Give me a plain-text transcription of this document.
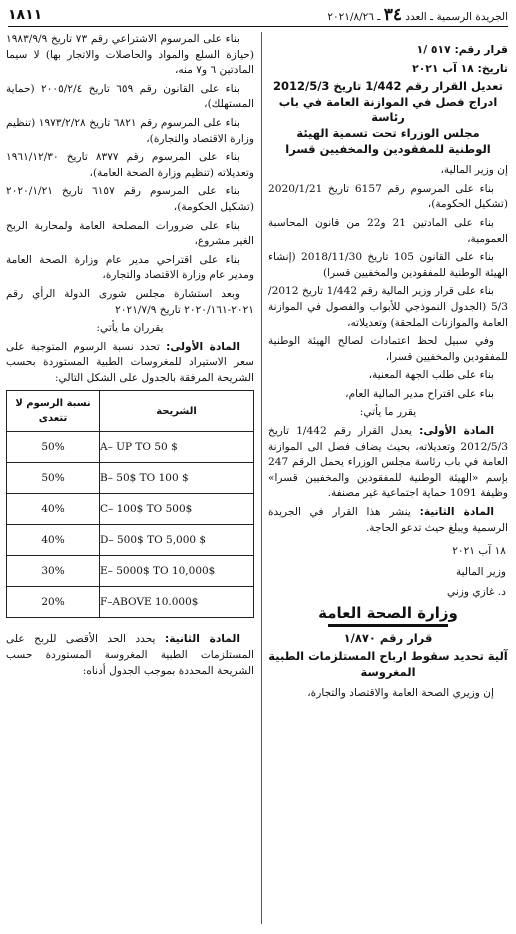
الجريدة الرسمية ـ العدد ٣٤ ـ ٢٠٢١/٨/٢٦
١٨١١

قرار رقم: ٥١٧ /١

تاريخ: ١٨ آب ٢٠٢١

تعديل القرار رقم 1/442 تاريخ 2012/5/3
ادراج فصل في الموازنة العامة في باب رئاسة
مجلس الوزراء تحت تسمية الهيئة
الوطنية للمفقودين والمخفيين قسرا

إن وزير المالية،

بناء على المرسوم رقم 6157 تاريخ 2020/1/21 (تشكيل الحكومة)،

بناء على المادتين 21 و22 من قانون المحاسبة العمومية،

بناء على القانون 105 تاريخ 2018/11/30 (إنشاء الهيئة الوطنية للمفقودين والمخفيين قسرا)

بناء على قرار وزير المالية رقم 1/442 تاريخ 2012/ 5/3 (الجدول النموذجي للأبواب والفصول في الموازنة العامة والموازنات الملحقة) وتعديلاته،

وفي سبيل لحظ اعتمادات لصالح الهيئة الوطنية للمفقودين والمخفيين قسرا،

بناء على طلب الجهة المعنية،

بناء على اقتراح مدير المالية العام،

يقرر ما يأتي:

المادة الأولى: يعدل القرار رقم 1/442 تاريخ 2012/5/3 وتعديلاته، بحيث يضاف فصل الى الموازنة العامة في باب رئاسة مجلس الوزراء يحمل الرقم 247 بإسم «الهيئة الوطنية للمفقودين والمخفيين قسرا» وظيفة 1091 حماية اجتماعية غير مصنفة.

المادة الثانية: ينشر هذا القرار في الجريدة الرسمية ويبلغ حيث تدعو الحاجة.

١٨ آب ٢٠٢١

وزير المالية

د. غازي وزني

وزارة الصحة العامة

قرار رقم ١/٨٧٠

آلية تحديد سقوط ارباح المستلزمات الطبية
المغروسة

إن وزيري الصحة العامة والاقتصاد والتجارة،

بناء على المرسوم الاشتراعي رقم ٧٣ تاريخ ١٩٨٣/٩/٩ (حيازة السلع والمواد والحاصلات والاتجار بها) لا سيما المادتين ٦ و٧ منه،

بناء على القانون رقم ٦٥٩ تاريخ ٢٠٠٥/٢/٤ (حماية المستهلك)،

بناء على المرسوم رقم ٦٨٢١ تاريخ ١٩٧٣/٢/٢٨ (تنظيم وزارة الاقتصاد والتجارة)،

بناء على المرسوم رقم ٨٣٧٧ تاريخ ١٩٦١/١٢/٣٠ وتعديلاته (تنظيم وزارة الصحة العامة)،

بناء على المرسوم رقم ٦١٥٧ تاريخ ٢٠٢٠/١/٢١ (تشكيل الحكومة)،

بناء على ضرورات المصلحة العامة ولمحاربة الربح الغير مشروع،

بناء على اقتراحي مدير عام وزارة الصحة العامة ومدير عام وزارة الاقتصاد والتجارة،

وبعد استشارة مجلس شورى الدولة الرأي رقم ٢٠٢١-٢٠٢٠/١٦١ تاريخ ٢٠٢١/٧/٩

يقرران ما يأتي:

المادة الأولى: تحدد نسبة الرسوم المتوجبة على سعر الاستيراد للمغروسات الطبية المستوردة بحسب الشريحة المرفقة بالجدول على الشكل التالي:

الشريحة	نسبة الرسوم لا تتعدى
A– UP TO 50 $	50%
B– 50$ TO 100 $	50%
C– 100$ TO 500$	40%
D– 500$ TO 5,000 $	40%
E– 5000$ TO 10,000$	30%
F–ABOVE 10.000$	20%

المادة الثانية: يحدد الحد الأقصى للربح على المستلزمات الطبية المغروسة المستوردة حسب الشريحة المحددة بموجب الجدول أدناه:
